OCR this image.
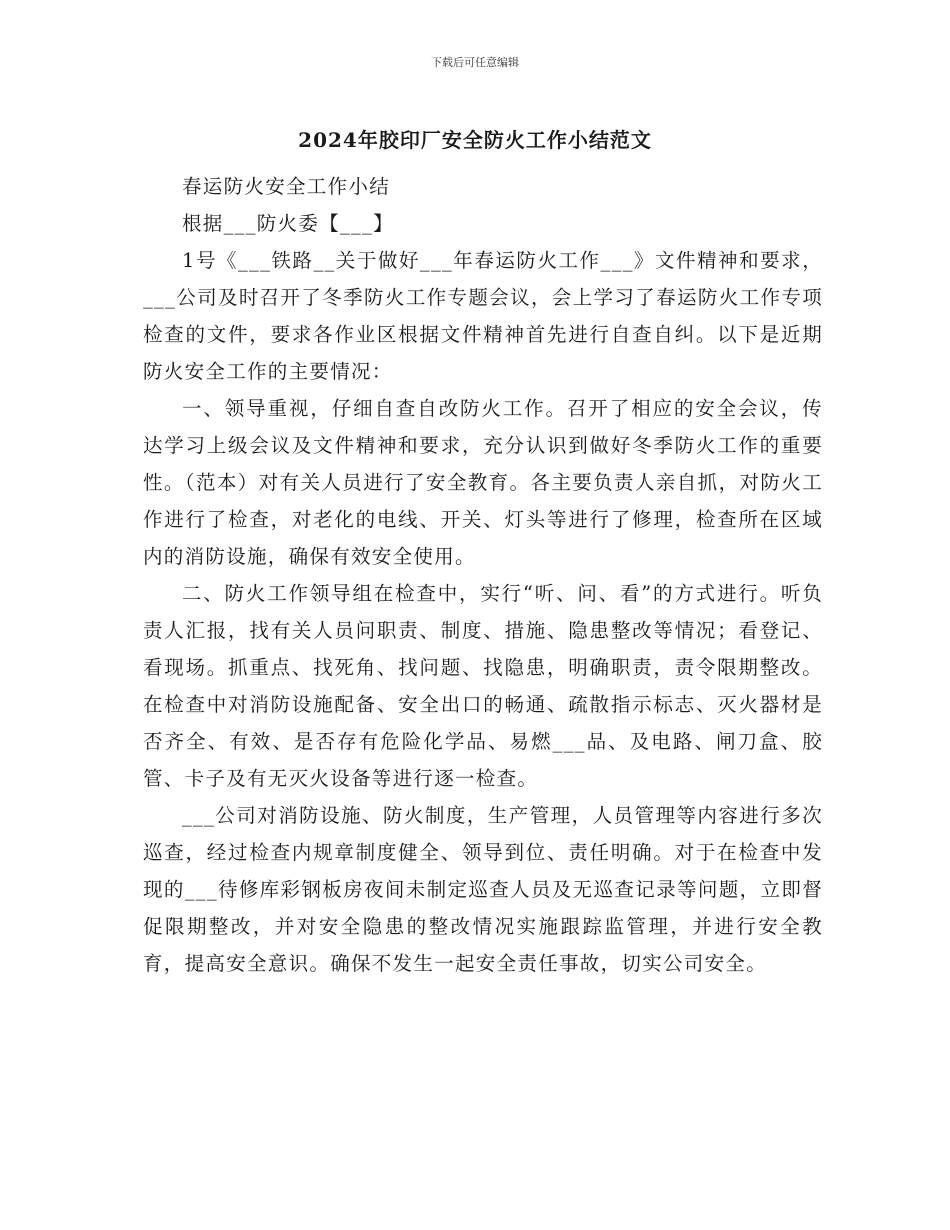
下载后可任意编辑
2024年胶印厂安全防火工作小结范文

春运防火安全工作小结

根据___防火委【___】

1号《___铁路__关于做好___年春运防火工作___》文件精神和要求，___公司及时召开了冬季防火工作专题会议，会上学习了春运防火工作专项检查的文件，要求各作业区根据文件精神首先进行自查自纠。以下是近期防火安全工作的主要情况：

一、领导重视，仔细自查自改防火工作。召开了相应的安全会议，传达学习上级会议及文件精神和要求，充分认识到做好冬季防火工作的重要性。（范本）对有关人员进行了安全教育。各主要负责人亲自抓，对防火工作进行了检查，对老化的电线、开关、灯头等进行了修理，检查所在区域内的消防设施，确保有效安全使用。

二、防火工作领导组在检查中，实行“听、问、看”的方式进行。听负责人汇报，找有关人员问职责、制度、措施、隐患整改等情况；看登记、看现场。抓重点、找死角、找问题、找隐患，明确职责，责令限期整改。在检查中对消防设施配备、安全出口的畅通、疏散指示标志、灭火器材是否齐全、有效、是否存有危险化学品、易燃___品、及电路、闸刀盒、胶管、卡子及有无灭火设备等进行逐一检查。

___公司对消防设施、防火制度，生产管理，人员管理等内容进行多次巡查，经过检查内规章制度健全、领导到位、责任明确。对于在检查中发现的___待修库彩钢板房夜间未制定巡查人员及无巡查记录等问题，立即督促限期整改，并对安全隐患的整改情况实施跟踪监管理，并进行安全教育，提高安全意识。确保不发生一起安全责任事故，切实公司安全。
